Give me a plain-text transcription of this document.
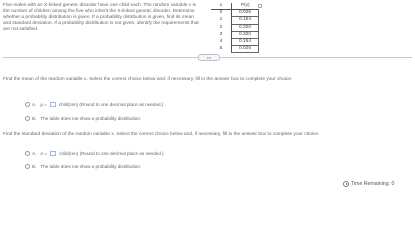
Five males with an X-linked genetic disorder have one child each. The random variable x is the number of children among the five who inherit the X-linked genetic disorder. Determine whether a probability distribution is given. If a probability distribution is given, find its mean and standard deviation. If a probability distribution is not given, identify the requirements that are not satisfied.
x	P(x)
0	0.026
1	0.154
2	0.320
3	0.320
4	0.154
5	0.026
•••
Find the mean of the random variable x. Select the correct choice below and, if necessary, fill in the answer box to complete your choice.
A. μ =	child(ren) (Round to one decimal place as needed.)
B. The table does not show a probability distribution.
Find the standard deviation of the random variable x. Select the correct choice below and, if necessary, fill in the answer box to complete your choice.
A. σ =	child(ren) (Round to one decimal place as needed.)
B. The table does not show a probability distribution.
Time Remaining: 0
